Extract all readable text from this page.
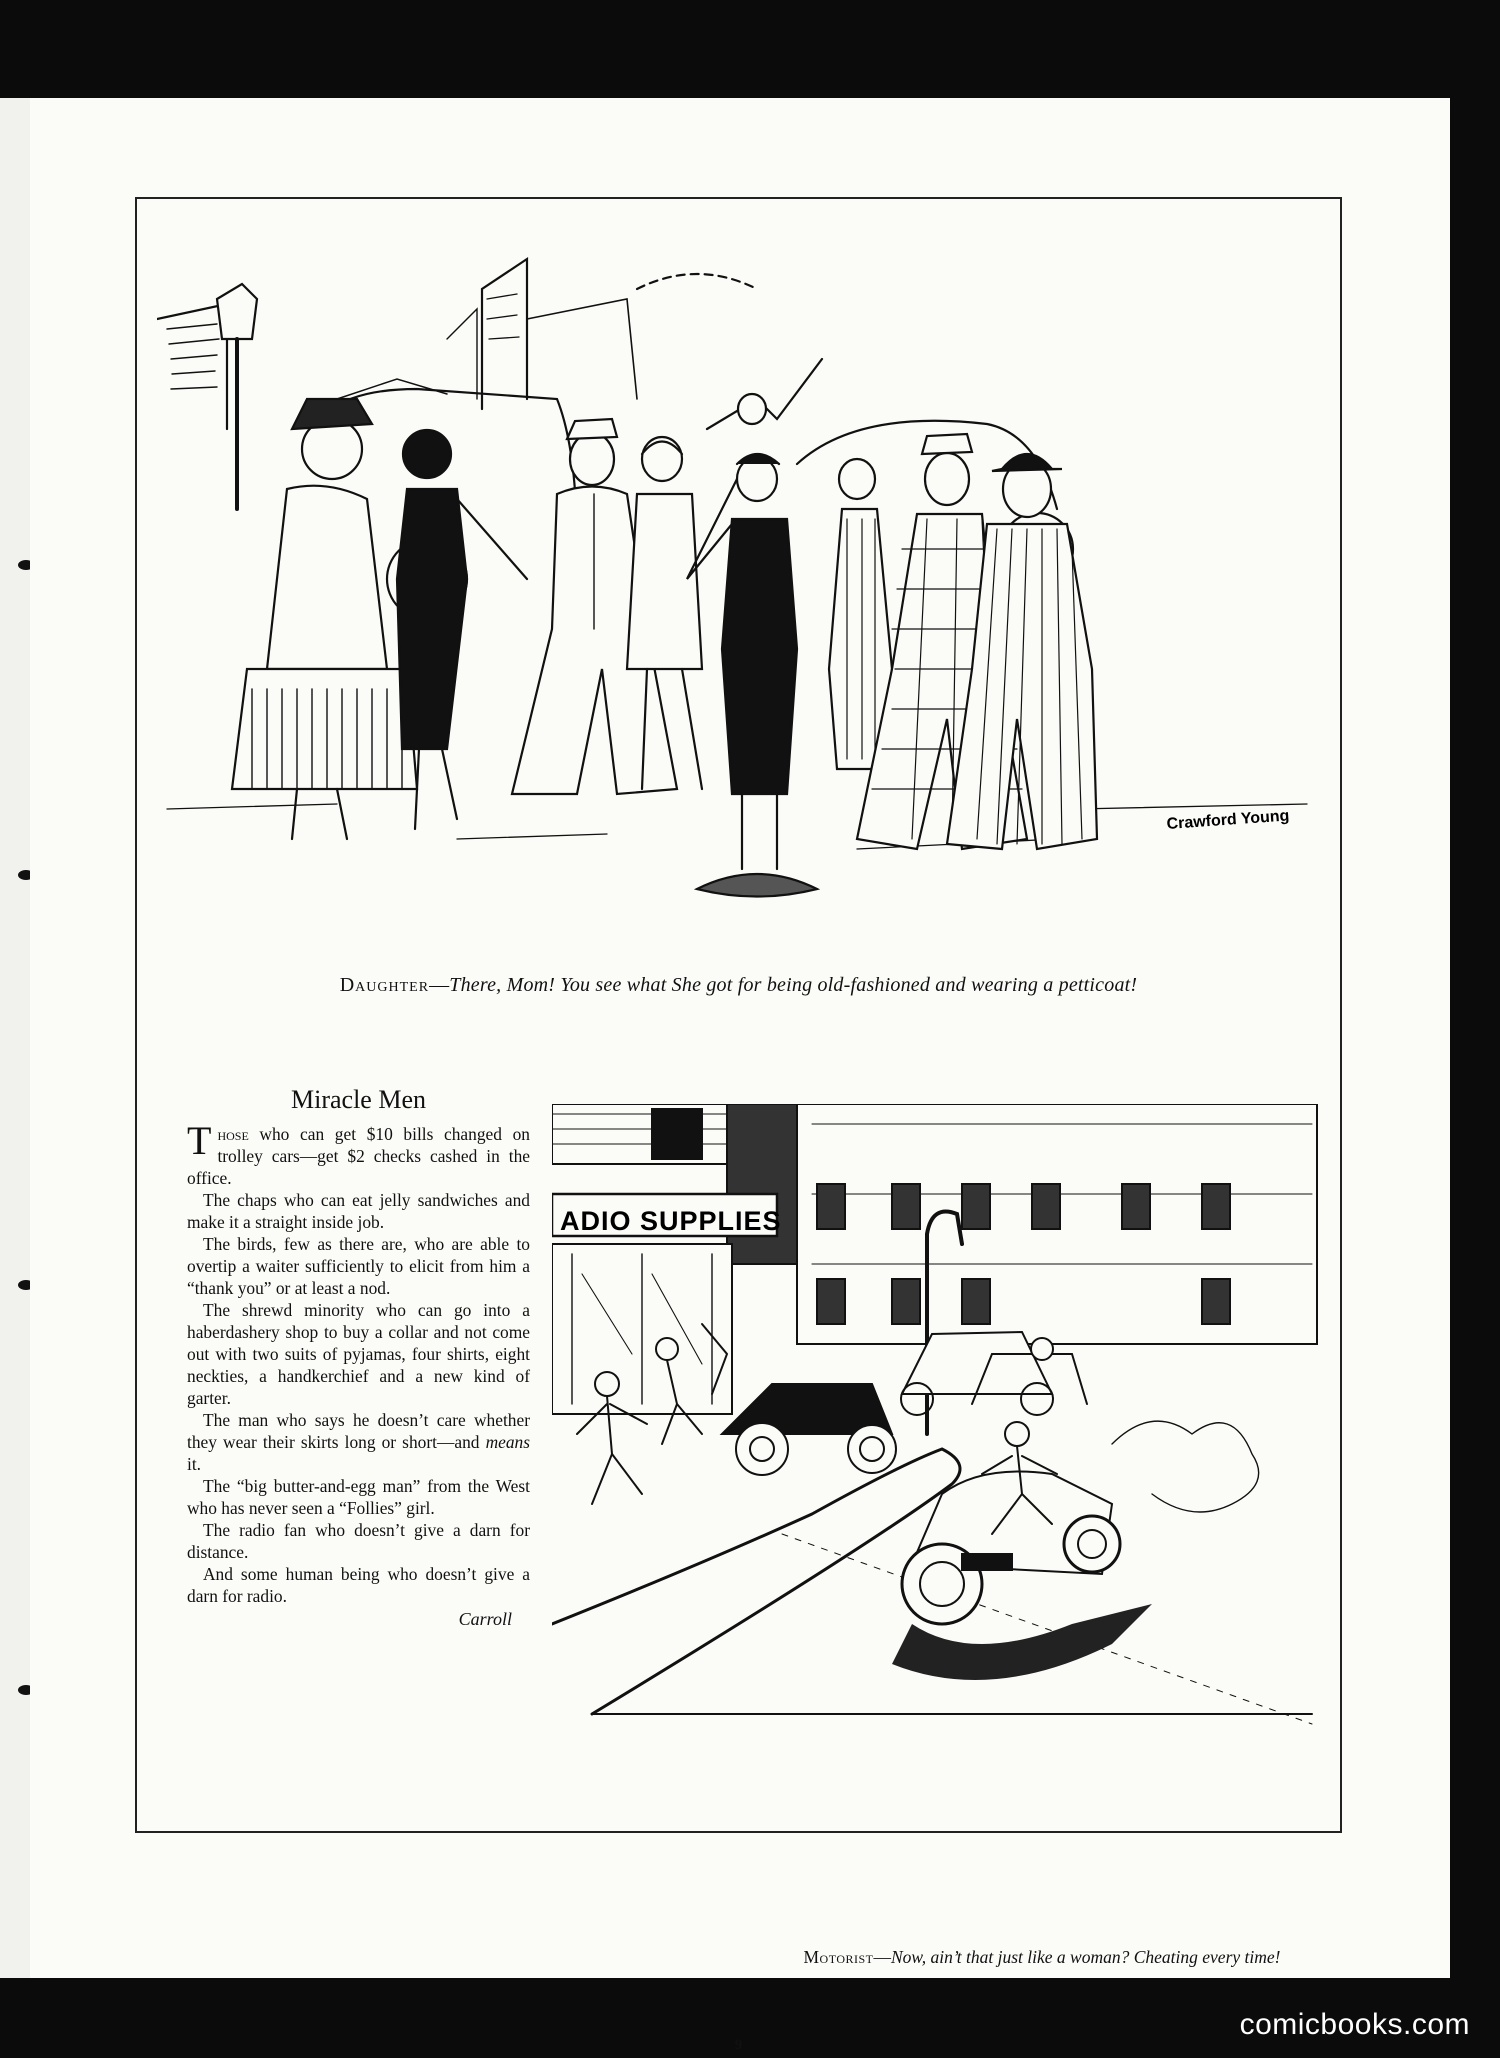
Crawford Young
Daughter—There, Mom! You see what She got for being old-fashioned and wearing a petticoat!
ADIO SUPPLIES
Motorist—Now, ain’t that just like a woman? Cheating every time!
9
Miracle Men

Those who can get $10 bills changed on trolley cars—get $2 checks cashed in the office.

The chaps who can eat jelly sandwiches and make it a straight inside job.

The birds, few as there are, who are able to overtip a waiter sufficiently to elicit from him a “thank you” or at least a nod.

The shrewd minority who can go into a haberdashery shop to buy a collar and not come out with two suits of pyjamas, four shirts, eight neckties, a handkerchief and a new kind of garter.

The man who says he doesn’t care whether they wear their skirts long or short—and means it.

The “big butter-and-egg man” from the West who has never seen a “Follies” girl.

The radio fan who doesn’t give a darn for distance.

And some human being who doesn’t give a darn for radio.

Carroll
comicbooks.com
